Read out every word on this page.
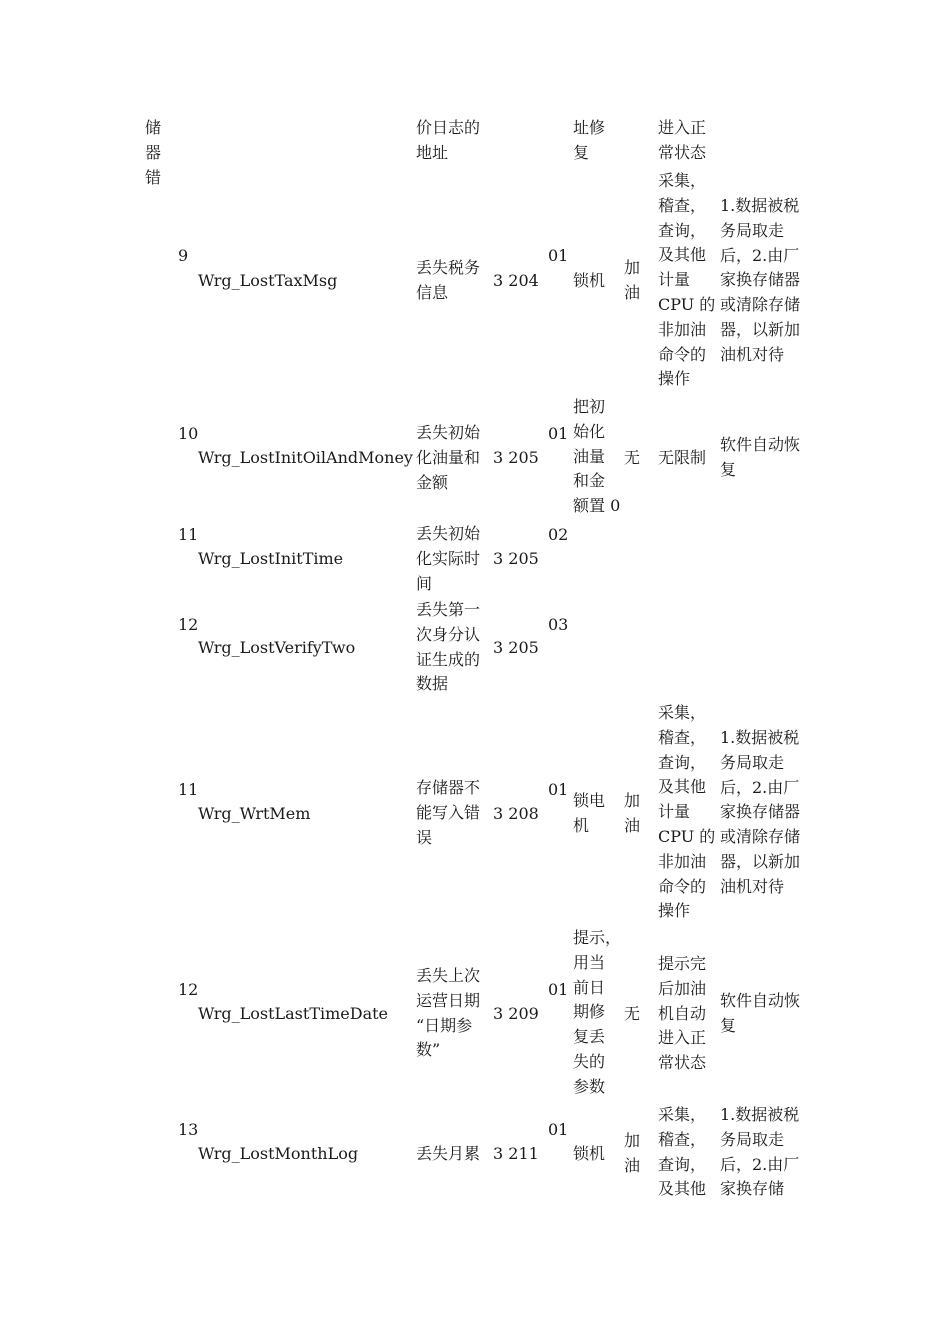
储
器
错
价日志的
地址
址修
复
进入正
常状态
9
Wrg_LostTaxMsg
丢失税务
信息
3 204
01
锁机
加
油
采集，
稽查，
查询，
及其他
计量
CPU 的
非加油
命令的
操作
1.数据被税
务局取走
后，2.由厂
家换存储器
或清除存储
器，以新加
油机对待
10
Wrg_LostInitOilAndMoney
丢失初始
化油量和
金额
3 205
01
把初
始化
油量
和金
额置 0
无	无限制
软件自动恢
复
11
Wrg_LostInitTime
丢失初始
化实际时
间
3 205
02
12
Wrg_LostVerifyTwo
丢失第一
次身分认
证生成的
数据
3 205
03
11
Wrg_WrtMem
存储器不
能写入错
误
3 208
01
锁电
机
加
油
采集，
稽查，
查询，
及其他
计量
CPU 的
非加油
命令的
操作
1.数据被税
务局取走
后，2.由厂
家换存储器
或清除存储
器，以新加
油机对待
12
Wrg_LostLastTimeDate
丢失上次
运营日期
“日期参
数”
3 209
01
提示，
用当
前日
期修
复丢
失的
参数
无
提示完
后加油
机自动
进入正
常状态
软件自动恢
复
13
Wrg_LostMonthLog	丢失月累 3 211
01
锁机
加
油
采集，
稽查，
查询，
及其他
1.数据被税
务局取走
后，2.由厂
家换存储
